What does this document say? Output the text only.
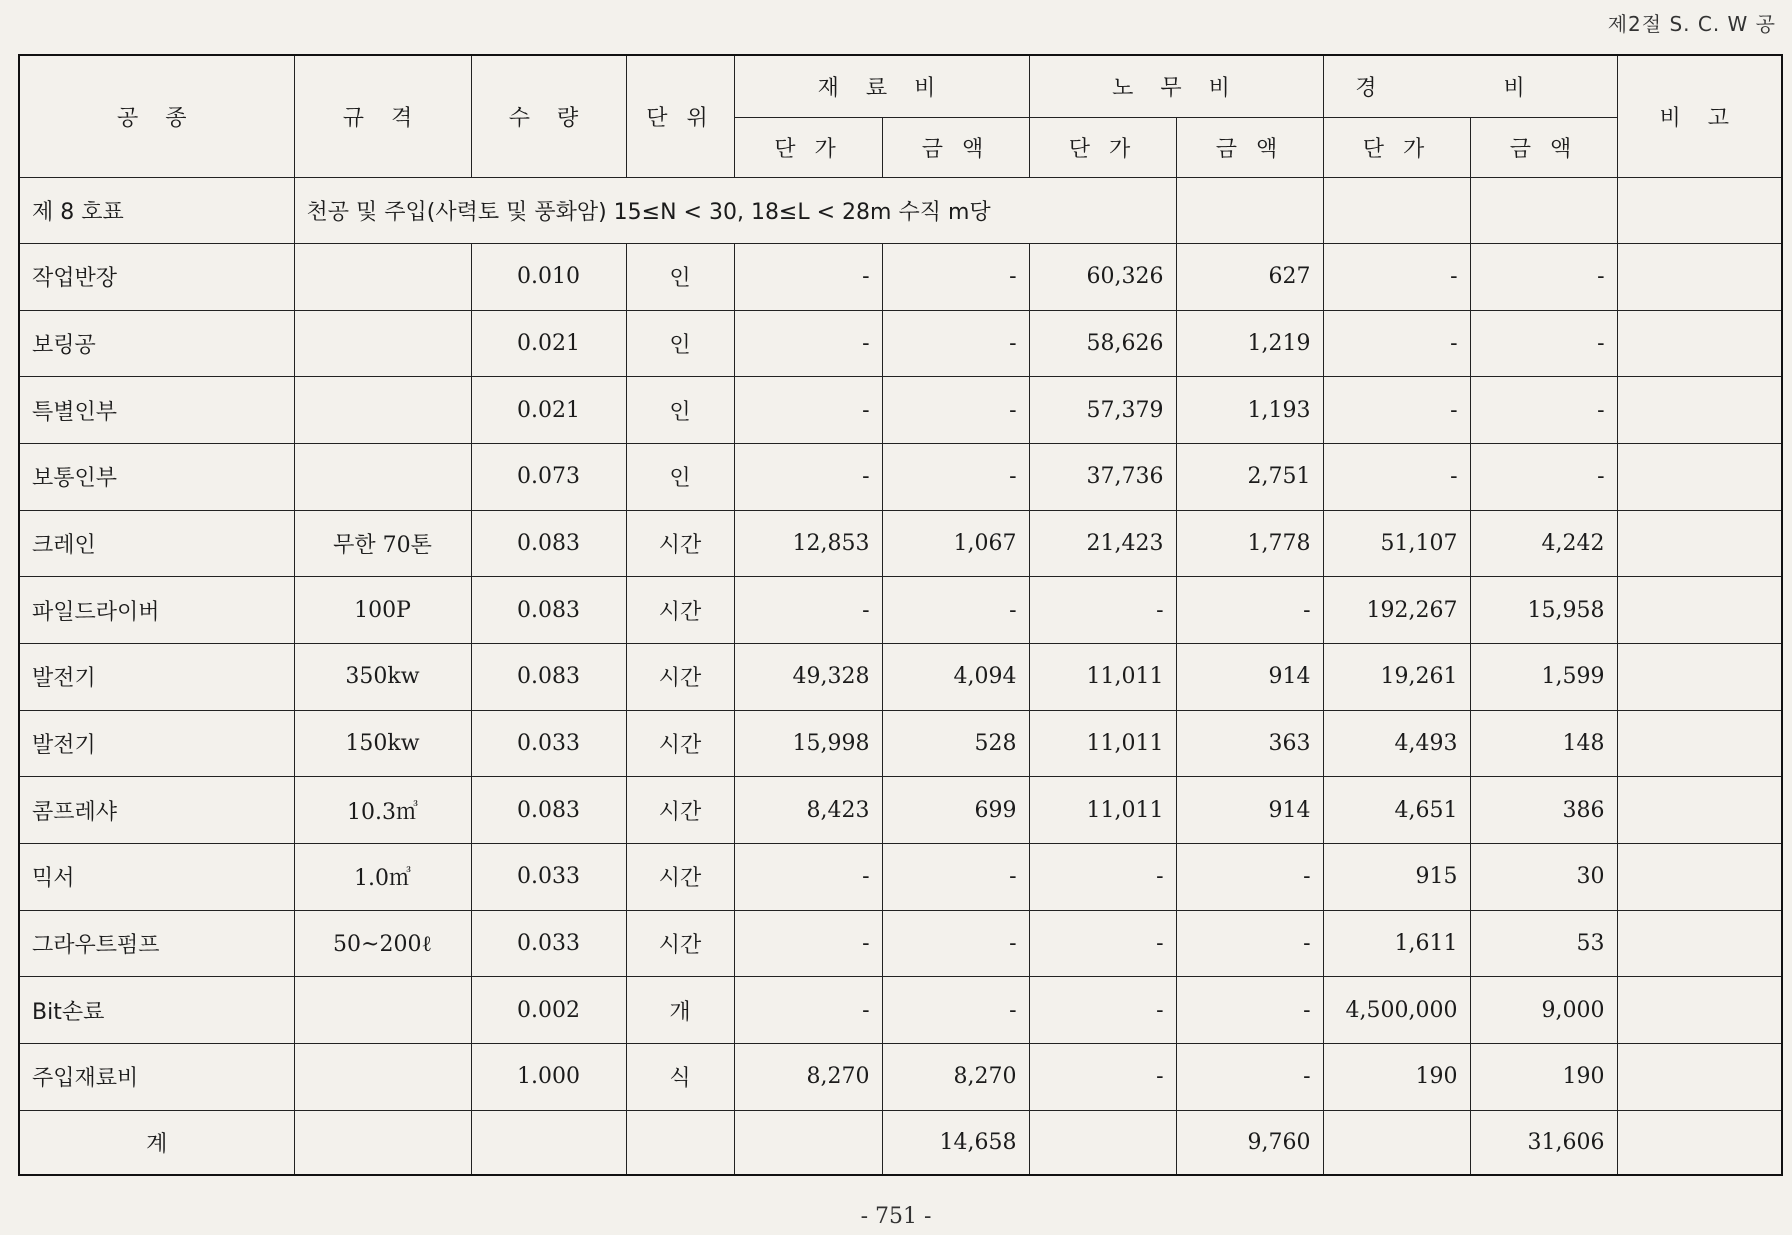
제2절 S. C. W 공
공 종	규 격	수 량	단 위	재 료 비		노 무 비		경 비		비 고
				단 가	금 액	단 가	금 액	단 가	금 액	
제 8 호표	천공 및 주입(사력토 및 풍화암) 15≤N < 30, 18≤L < 28m 수직 m당									
작업반장		0.010	인	-	-	60,326	627	-	-	
보링공		0.021	인	-	-	58,626	1,219	-	-	
특별인부		0.021	인	-	-	57,379	1,193	-	-	
보통인부		0.073	인	-	-	37,736	2,751	-	-	
크레인	무한 70톤	0.083	시간	12,853	1,067	21,423	1,778	51,107	4,242	
파일드라이버	100P	0.083	시간	-	-	-	-	192,267	15,958	
발전기	350kw	0.083	시간	49,328	4,094	11,011	914	19,261	1,599	
발전기	150kw	0.033	시간	15,998	528	11,011	363	4,493	148	
콤프레샤	10.3㎥	0.083	시간	8,423	699	11,011	914	4,651	386	
믹서	1.0㎥	0.033	시간	-	-	-	-	915	30	
그라우트펌프	50~200ℓ	0.033	시간	-	-	-	-	1,611	53	
Bit손료		0.002	개	-	-	-	-	4,500,000	9,000	
주입재료비		1.000	식	8,270	8,270	-	-	190	190	
계					14,658		9,760		31,606	
- 751 -
